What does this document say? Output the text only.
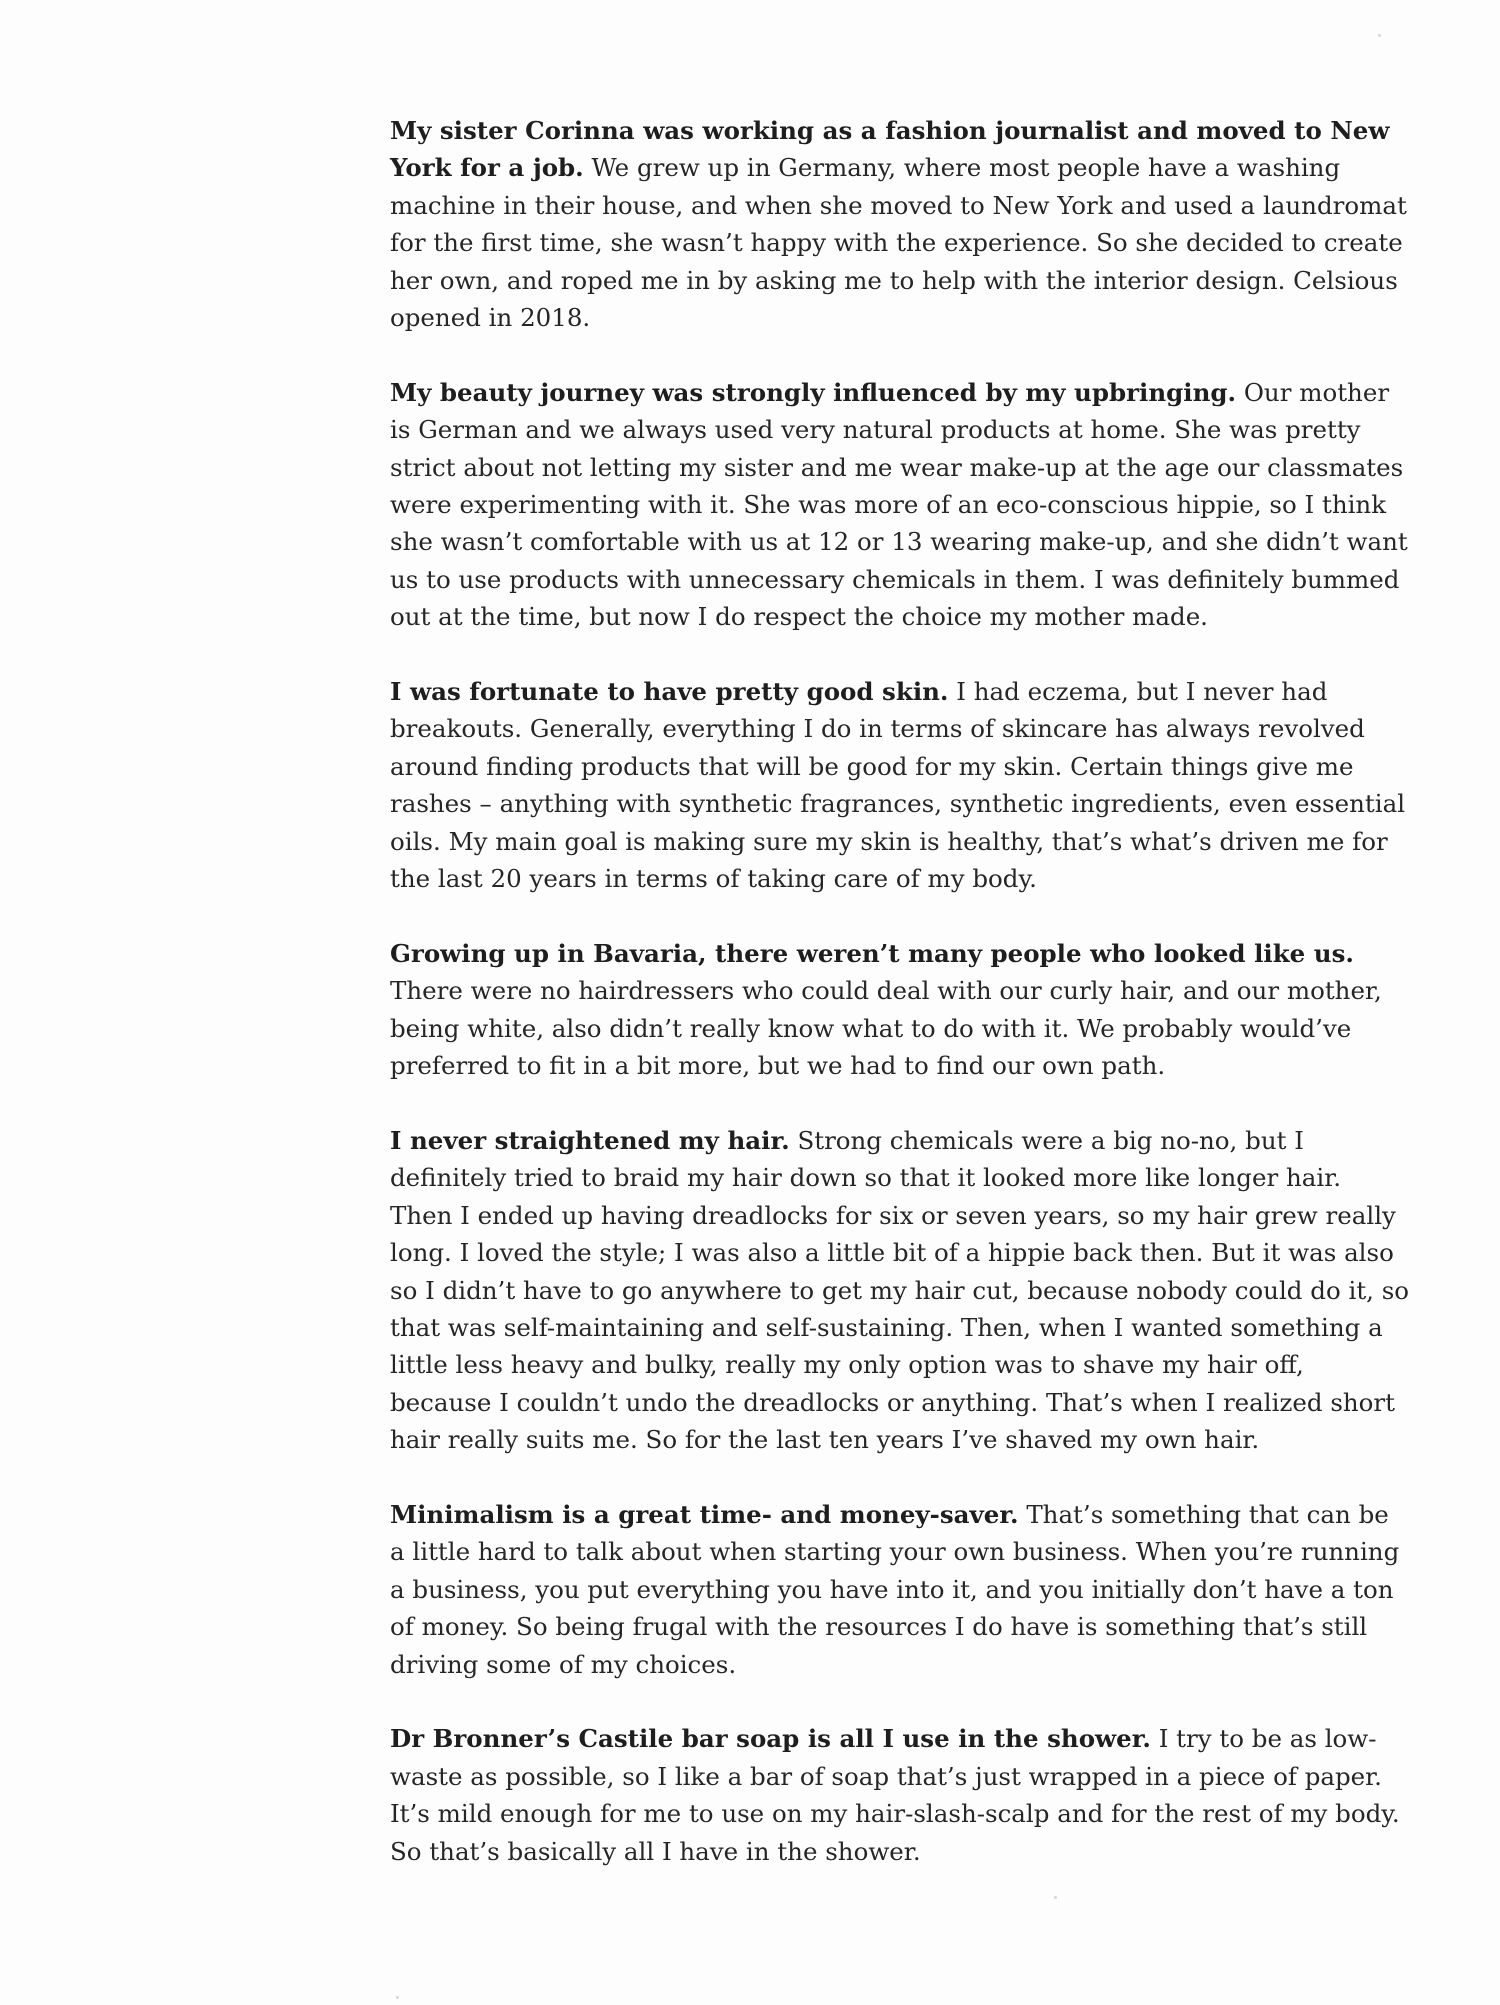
My sister Corinna was working as a fashion journalist and moved to New York for a job. We grew up in Germany, where most people have a washing machine in their house, and when she moved to New York and used a laundromat for the first time, she wasn’t happy with the experience. So she decided to create her own, and roped me in by asking me to help with the interior design. Celsious opened in 2018.

My beauty journey was strongly influenced by my upbringing. Our mother is German and we always used very natural products at home. She was pretty strict about not letting my sister and me wear make-up at the age our classmates were experimenting with it. She was more of an eco-conscious hippie, so I think she wasn’t comfortable with us at 12 or 13 wearing make-up, and she didn’t want us to use products with unnecessary chemicals in them. I was definitely bummed out at the time, but now I do respect the choice my mother made.

I was fortunate to have pretty good skin. I had eczema, but I never had breakouts. Generally, everything I do in terms of skincare has always revolved around finding products that will be good for my skin. Certain things give me rashes – anything with synthetic fragrances, synthetic ingredients, even essential oils. My main goal is making sure my skin is healthy, that’s what’s driven me for the last 20 years in terms of taking care of my body.

Growing up in Bavaria, there weren’t many people who looked like us. There were no hairdressers who could deal with our curly hair, and our mother, being white, also didn’t really know what to do with it. We probably would’ve preferred to fit in a bit more, but we had to find our own path.

I never straightened my hair. Strong chemicals were a big no-no, but I definitely tried to braid my hair down so that it looked more like longer hair. Then I ended up having dreadlocks for six or seven years, so my hair grew really long. I loved the style; I was also a little bit of a hippie back then. But it was also so I didn’t have to go anywhere to get my hair cut, because nobody could do it, so that was self-maintaining and self-sustaining. Then, when I wanted something a little less heavy and bulky, really my only option was to shave my hair off, because I couldn’t undo the dreadlocks or anything. That’s when I realized short hair really suits me. So for the last ten years I’ve shaved my own hair.

Minimalism is a great time- and money-saver. That’s something that can be a little hard to talk about when starting your own business. When you’re running a business, you put everything you have into it, and you initially don’t have a ton of money. So being frugal with the resources I do have is something that’s still driving some of my choices.

Dr Bronner’s Castile bar soap is all I use in the shower. I try to be as low-waste as possible, so I like a bar of soap that’s just wrapped in a piece of paper. It’s mild enough for me to use on my hair-slash-scalp and for the rest of my body. So that’s basically all I have in the shower.
